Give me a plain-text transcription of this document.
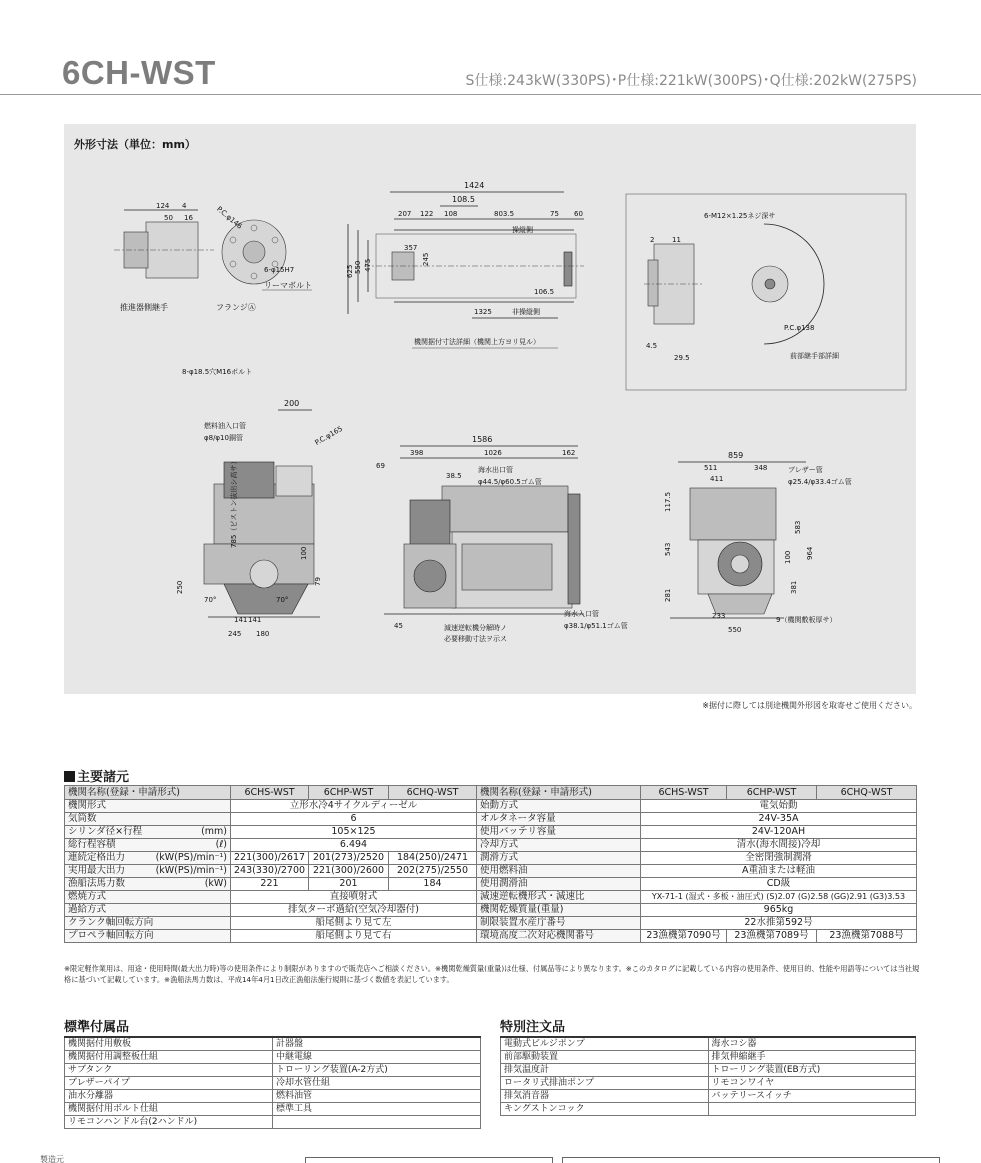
6CH-WST	S仕様:243kW(330PS)･P仕様:221kW(300PS)･Q仕様:202kW(275PS)
外形寸法（単位：mm）
124 4
50 16	P.C.φ146
6-φ15H7
リーマボルト
推進器側継手	フランジⒶ
1424
108.5
207 122 108	803.5	75 60
625 550 475
357
245
操縦側
106.5
1325	非操縦側
機関据付寸法詳細（機関上方ヨリ見ル）
6-M12×1.25ネジ深サ
2	11
4.5
29.5
P.C.φ138
前部継手部詳細
8-φ18.5穴M16ボルト
200
P.C.φ165
燃料油入口管
φ8/φ10銅管
785（ピストン抜出シ高サ）
250
100
79
70°	70°
141 141
245 180
1586
398	1026	162
69
38.5
海水出口管
φ44.5/φ60.5ゴム管
45	減速逆転機分解時ノ
必要移動寸法ヲ示ス
海水入口管
φ38.1/φ51.1ゴム管
859
511	348
411
ブレザー管
φ25.4/φ33.4ゴム管
117.5
543
281
583
964
100
381
233
550
9（機関敷板厚サ）
※据付に際しては別途機関外形図を取寄せご使用ください。
主要諸元
機関名称(登録・申請形式)	6CHS-WST	6CHP-WST	6CHQ-WST	機関名称(登録・申請形式)	6CHS-WST	6CHP-WST	6CHQ-WST
機関形式	立形水冷4サイクルディーゼル			始動方式	電気始動		
気筒数	6			オルタネータ容量	24V-35A		
シリンダ径×行程 (mm)	105×125			使用バッテリ容量	24V-120AH		
総行程容積 (ℓ)	6.494			冷却方式	清水(海水間接)冷却		
連続定格出力 (kW(PS)/min⁻¹)	221(300)/2617	201(273)/2520	184(250)/2471	潤滑方式	全密閉強制潤滑		
実用最大出力 (kW(PS)/min⁻¹)	243(330)/2700	221(300)/2600	202(275)/2550	使用燃料油	A重油または軽油		
漁船法馬力数 (kW)	221	201	184	使用潤滑油	CD級		
燃焼方式	直接噴射式			減速逆転機形式・減速比	YX-71-1 (湿式・多板・油圧式) (S)2.07 (G)2.58 (GG)2.91 (G3)3.53		
過給方式	排気ターボ過給(空気冷却器付)			機関乾燥質量(重量)	965kg		
クランク軸回転方向	船尾側より見て左			制限装置水産庁番号	22水推第592号		
プロペラ軸回転方向	船尾側より見て右			環境高度二次対応機関番号	23漁機第7090号	23漁機第7089号	23漁機第7088号
※限定軽作業用は、用途・使用時間(最大出力時)等の使用条件により制限がありますので販売店へご相談ください。※機関乾燥質量(重量)は仕様、付属品等により異なります。※このカタログに記載している内容の使用条件、使用目的、性能や用語等については当社規格に基づいて記載しています。※漁船法馬力数は、平成14年4月1日改正漁船法施行規則に基づく数値を表記しています。
標準付属品
機関据付用敷板	計器盤
機関据付用調整板仕組	中継電線
サブタンク	トローリング装置(A-2方式)
ブレザーパイプ	冷却水管仕組
油水分離器	燃料油管
機関据付用ボルト仕組	標準工具
リモコンハンドル台(2ハンドル)	
特別注文品
電動式ビルジポンプ	海水コシ器
前部駆動装置	排気伸縮継手
排気温度計	トローリング装置(EB方式)
ロータリ式排油ポンプ	リモコンワイヤ
排気消音器	バッテリースイッチ
キングストンコック	
製造元
